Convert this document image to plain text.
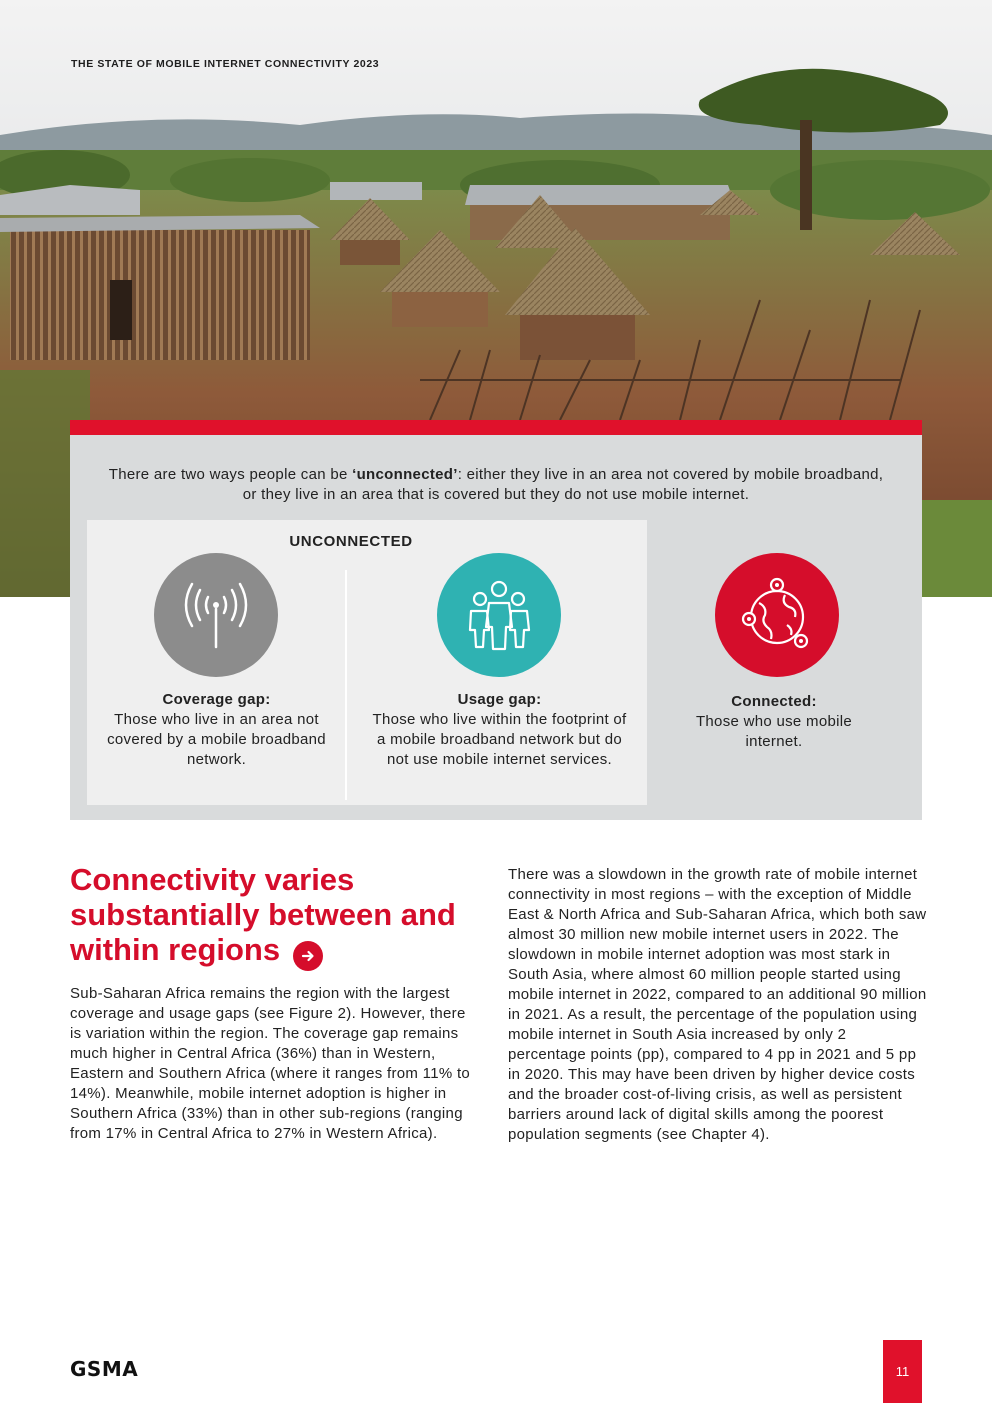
THE STATE OF MOBILE INTERNET CONNECTIVITY 2023
There are two ways people can be ‘unconnected’: either they live in an area not covered by mobile broadband, or they live in an area that is covered but they do not use mobile internet.
UNCONNECTED
Coverage gap:
Those who live in an area not covered by a mobile broadband network.
Usage gap:
Those who live within the footprint of a mobile broadband network but do not use mobile internet services.
Connected:
Those who use mobile internet.
Connectivity varies substantially between and within regions
Sub-Saharan Africa remains the region with the largest coverage and usage gaps (see Figure 2). However, there is variation within the region. The coverage gap remains much higher in Central Africa (36%) than in Western, Eastern and Southern Africa (where it ranges from 11% to 14%). Meanwhile, mobile internet adoption is higher in Southern Africa (33%) than in other sub-regions (ranging from 17% in Central Africa to 27% in Western Africa).
There was a slowdown in the growth rate of mobile internet connectivity in most regions – with the exception of Middle East & North Africa and Sub-Saharan Africa, which both saw almost 30 million new mobile internet users in 2022. The slowdown in mobile internet adoption was most stark in South Asia, where almost 60 million people started using mobile internet in 2022, compared to an additional 90 million in 2021. As a result, the percentage of the population using mobile internet in South Asia increased by only 2 percentage points (pp), compared to 4 pp in 2021 and 5 pp in 2020. This may have been driven by higher device costs and the broader cost-of-living crisis, as well as persistent barriers around lack of digital skills among the poorest population segments (see Chapter 4).
GSMA	11
